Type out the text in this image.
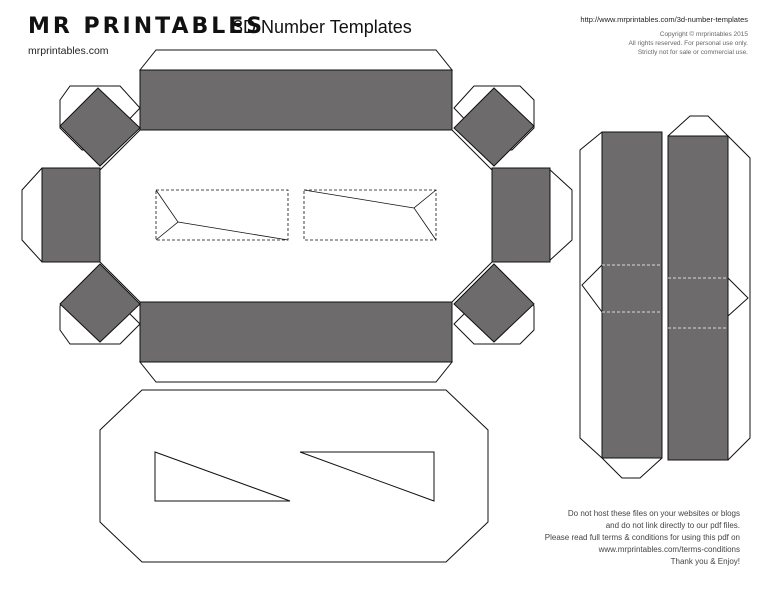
MR PRINTABLES
mrprintables.com
3D Number Templates	http://www.mrprintables.com/3d-number-templates
Copyright © mrprintables 2015
All rights reserved. For personal use only.
Strictly not for sale or commercial use.
Do not host these files on your websites or blogs
and do not link directly to our pdf files.
Please read full terms & conditions for using this pdf on
www.mrprintables.com/terms-conditions
Thank you & Enjoy!
